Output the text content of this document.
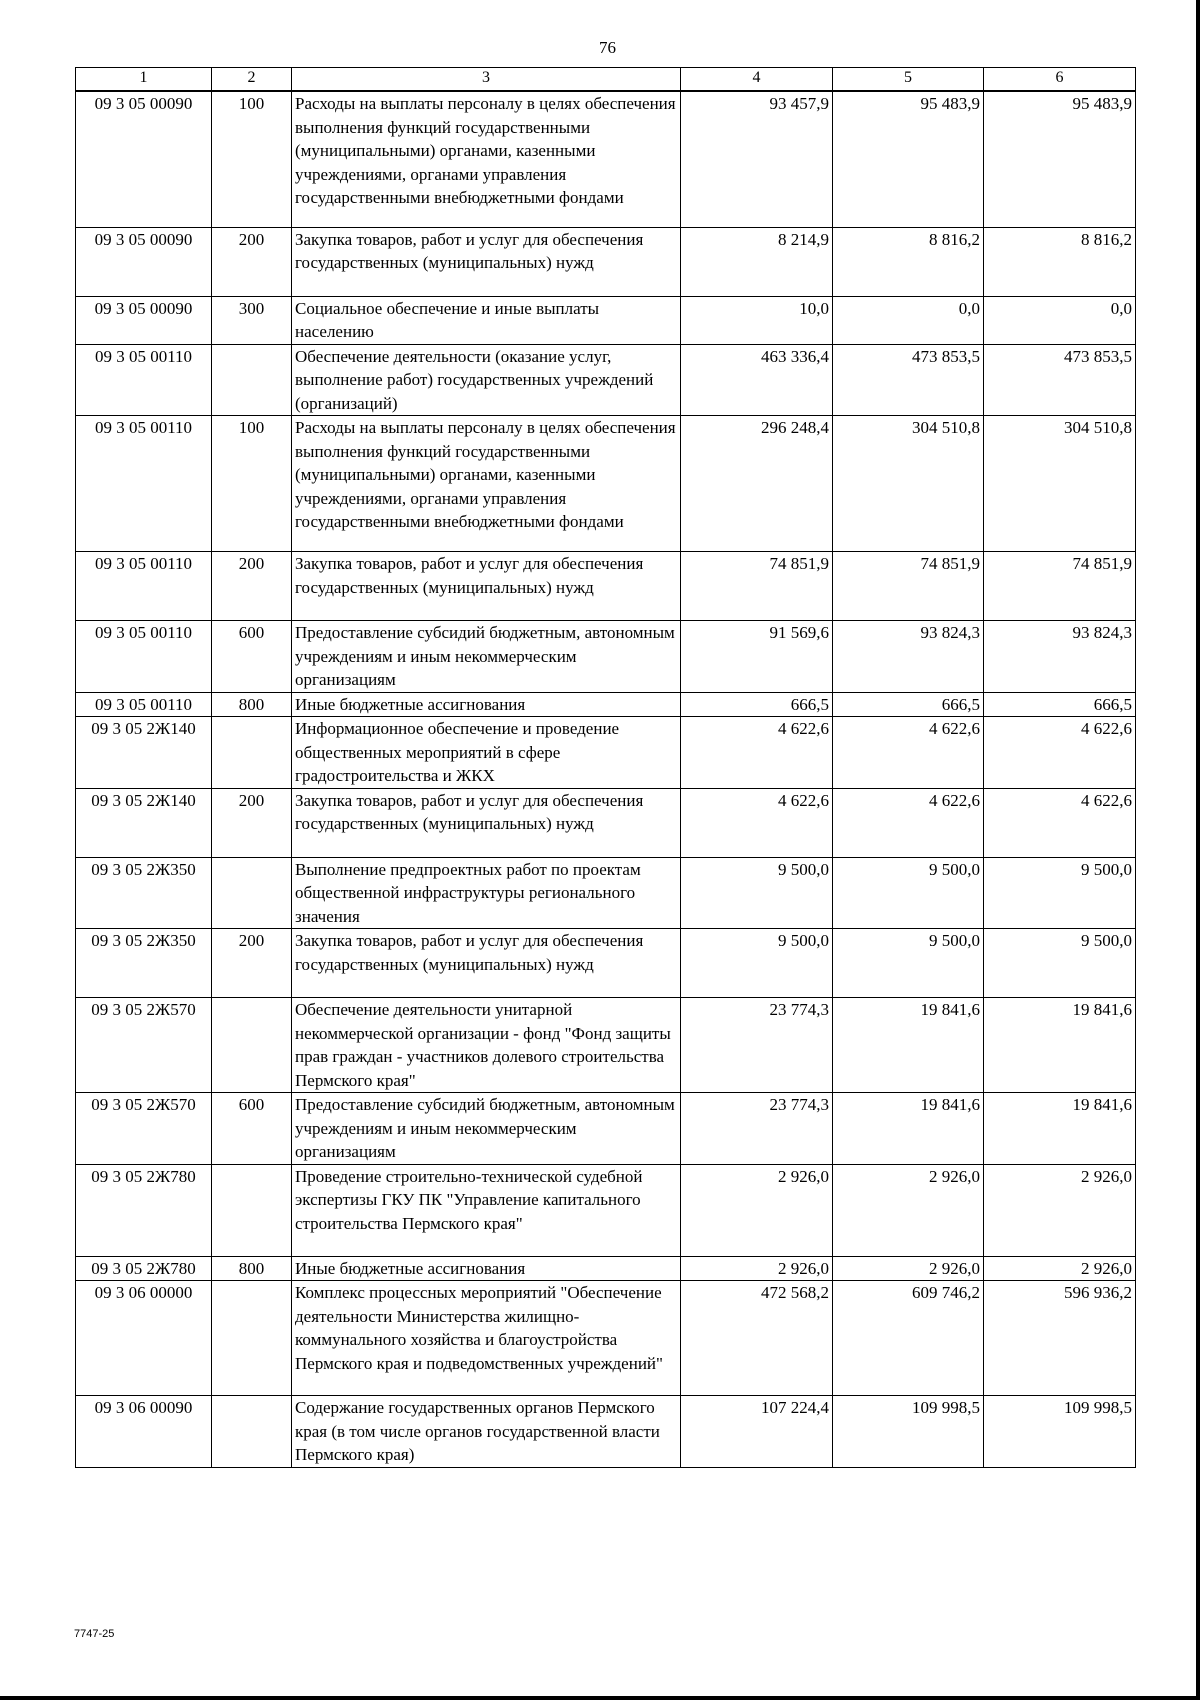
76
1	2	3	4	5	6
09 3 05 00090	100	Расходы на выплаты персоналу в целях обеспечения выполнения функций государственными (муниципальными) органами, казенными учреждениями, органами управления государственными внебюджетными фондами	93 457,9	95 483,9	95 483,9
09 3 05 00090	200	Закупка товаров, работ и услуг для обеспечения государственных (муниципальных) нужд	8 214,9	8 816,2	8 816,2
09 3 05 00090	300	Социальное обеспечение и иные выплаты населению	10,0	0,0	0,0
09 3 05 00110		Обеспечение деятельности (оказание услуг, выполнение работ) государственных учреждений (организаций)	463 336,4	473 853,5	473 853,5
09 3 05 00110	100	Расходы на выплаты персоналу в целях обеспечения выполнения функций государственными (муниципальными) органами, казенными учреждениями, органами управления государственными внебюджетными фондами	296 248,4	304 510,8	304 510,8
09 3 05 00110	200	Закупка товаров, работ и услуг для обеспечения государственных (муниципальных) нужд	74 851,9	74 851,9	74 851,9
09 3 05 00110	600	Предоставление субсидий бюджетным, автономным учреждениям и иным некоммерческим организациям	91 569,6	93 824,3	93 824,3
09 3 05 00110	800	Иные бюджетные ассигнования	666,5	666,5	666,5
09 3 05 2Ж140		Информационное обеспечение и проведение общественных мероприятий в сфере градостроительства и ЖКХ	4 622,6	4 622,6	4 622,6
09 3 05 2Ж140	200	Закупка товаров, работ и услуг для обеспечения государственных (муниципальных) нужд	4 622,6	4 622,6	4 622,6
09 3 05 2Ж350		Выполнение предпроектных работ по проектам общественной инфраструктуры регионального значения	9 500,0	9 500,0	9 500,0
09 3 05 2Ж350	200	Закупка товаров, работ и услуг для обеспечения государственных (муниципальных) нужд	9 500,0	9 500,0	9 500,0
09 3 05 2Ж570		Обеспечение деятельности унитарной некоммерческой организации - фонд "Фонд защиты прав граждан - участников долевого строительства Пермского края"	23 774,3	19 841,6	19 841,6
09 3 05 2Ж570	600	Предоставление субсидий бюджетным, автономным учреждениям и иным некоммерческим организациям	23 774,3	19 841,6	19 841,6
09 3 05 2Ж780		Проведение строительно-технической судебной экспертизы ГКУ ПК "Управление капитального строительства Пермского края"	2 926,0	2 926,0	2 926,0
09 3 05 2Ж780	800	Иные бюджетные ассигнования	2 926,0	2 926,0	2 926,0
09 3 06 00000		Комплекс процессных мероприятий "Обеспечение деятельности Министерства жилищно-коммунального хозяйства и благоустройства Пермского края и подведомственных учреждений"	472 568,2	609 746,2	596 936,2
09 3 06 00090		Содержание государственных органов Пермского края (в том числе органов государственной власти Пермского края)	107 224,4	109 998,5	109 998,5
7747-25
